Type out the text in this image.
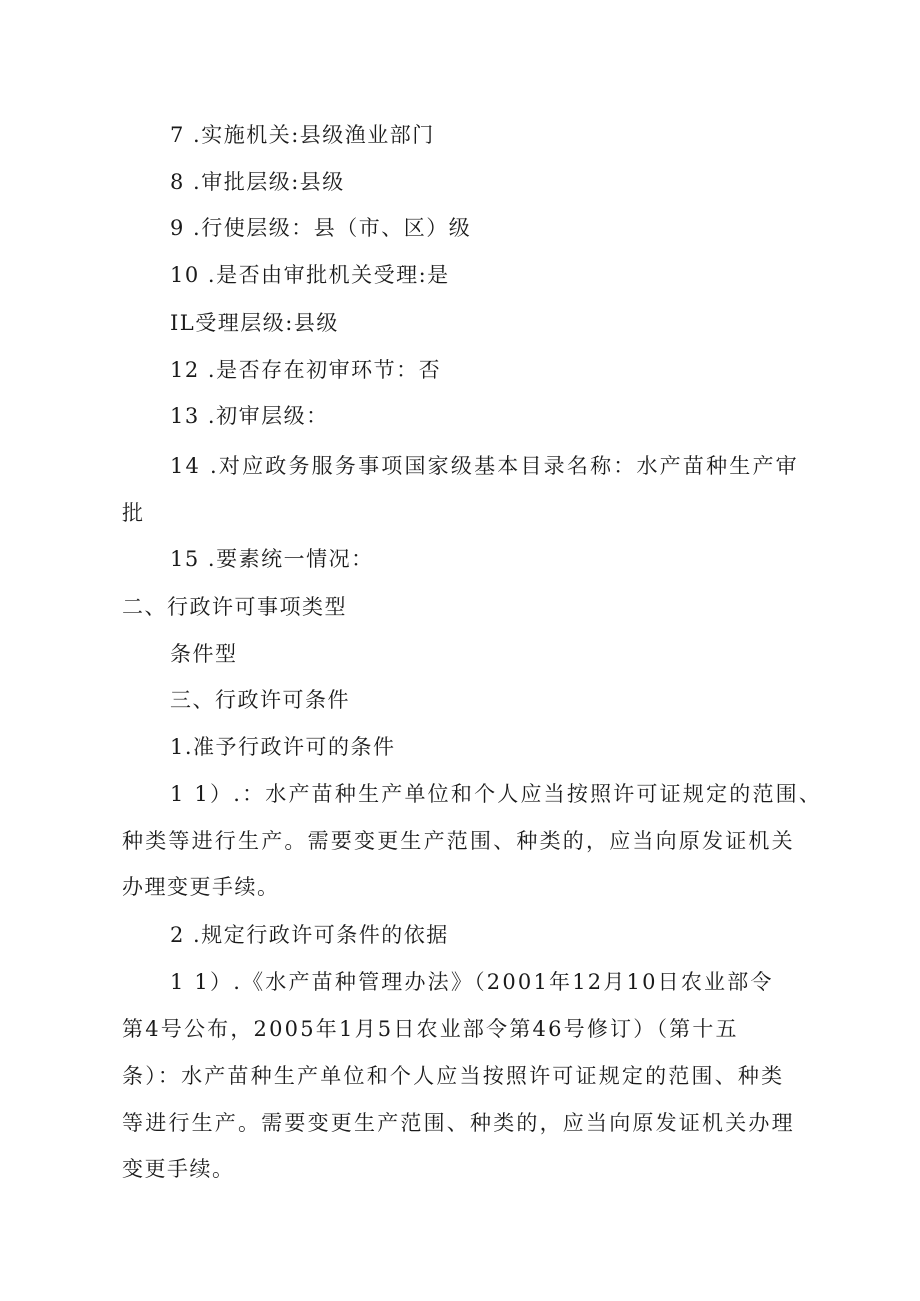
7 .实施机关:县级渔业部门
8 .审批层级:县级
9 .行使层级：县（市、区）级
10 .是否由审批机关受理:是
IL受理层级:县级
12 .是否存在初审环节：否
13 .初审层级：
14 .对应政务服务事项国家级基本目录名称：水产苗种生产审
批
15 .要素统一情况：
二、行政许可事项类型
条件型
三、行政许可条件
1.准予行政许可的条件
1 1）.：水产苗种生产单位和个人应当按照许可证规定的范围、
种类等进行生产。需要变更生产范围、种类的，应当向原发证机关
办理变更手续。
2 .规定行政许可条件的依据
1 1）.《水产苗种管理办法》（2001年12月10日农业部令
第4号公布，2005年1月5日农业部令第46号修订）（第十五
条）：水产苗种生产单位和个人应当按照许可证规定的范围、种类
等进行生产。需要变更生产范围、种类的，应当向原发证机关办理
变更手续。
